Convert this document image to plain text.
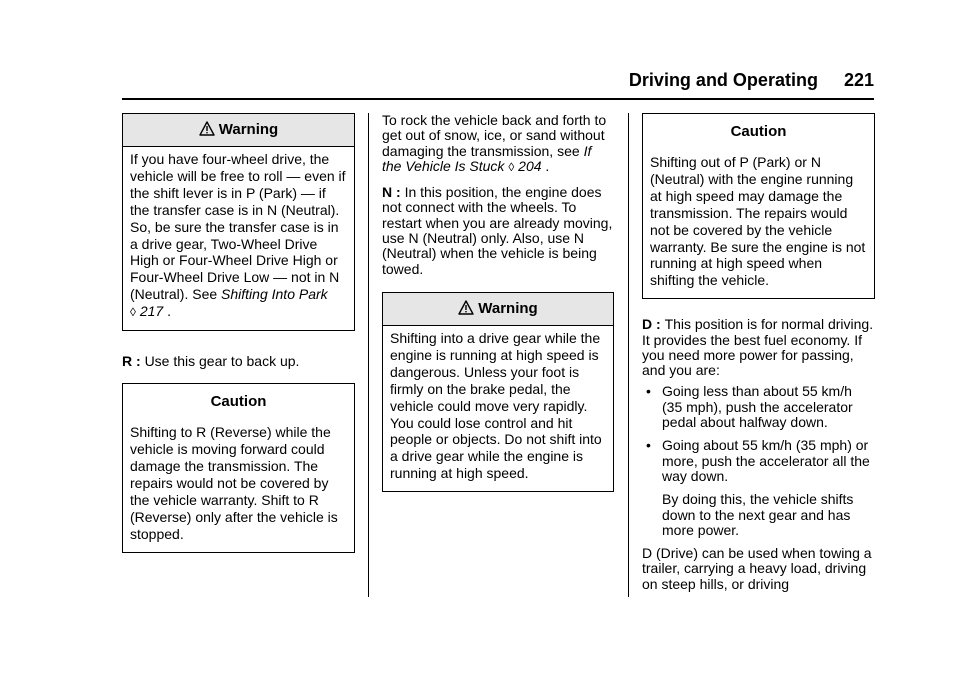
Driving and Operating 221
Warning
If you have four-wheel drive, the vehicle will be free to roll — even if the shift lever is in P (Park) — if the transfer case is in N (Neutral). So, be sure the transfer case is in a drive gear, Two-Wheel Drive High or Four-Wheel Drive High or Four-Wheel Drive Low — not in N (Neutral). See Shifting Into Park
◊ 217 .

R : Use this gear to back up.

Caution
Shifting to R (Reverse) while the vehicle is moving forward could damage the transmission. The repairs would not be covered by the vehicle warranty. Shift to R (Reverse) only after the vehicle is stopped.

To rock the vehicle back and forth to get out of snow, ice, or sand without damaging the transmission, see If the Vehicle Is Stuck ◊ 204 .

N : In this position, the engine does not connect with the wheels. To restart when you are already moving, use N (Neutral) only. Also, use N (Neutral) when the vehicle is being towed.

Warning
Shifting into a drive gear while the engine is running at high speed is dangerous. Unless your foot is firmly on the brake pedal, the vehicle could move very rapidly. You could lose control and hit people or objects. Do not shift into a drive gear while the engine is running at high speed.
Caution
Shifting out of P (Park) or N (Neutral) with the engine running at high speed may damage the transmission. The repairs would not be covered by the vehicle warranty. Be sure the engine is not running at high speed when shifting the vehicle.

D : This position is for normal driving. It provides the best fuel economy. If you need more power for passing, and you are:

• Going less than about 55 km/h (35 mph), push the accelerator pedal about halfway down.
• Going about 55 km/h (35 mph) or more, push the accelerator all the way down.

By doing this, the vehicle shifts down to the next gear and has more power.

D (Drive) can be used when towing a trailer, carrying a heavy load, driving on steep hills, or driving
